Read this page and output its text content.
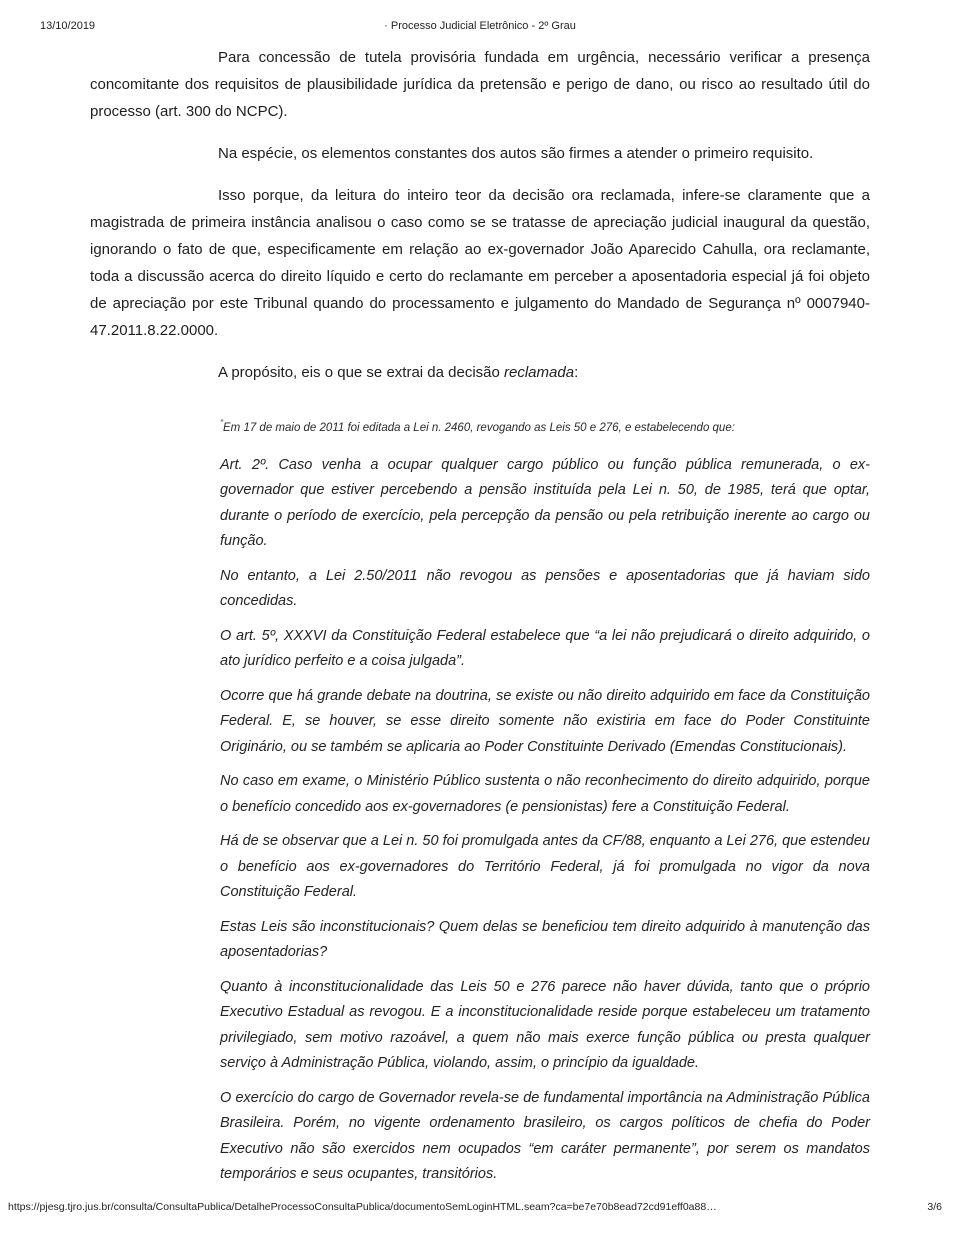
13/10/2019	· Processo Judicial Eletrônico - 2º Grau

Para concessão de tutela provisória fundada em urgência, necessário verificar a presença concomitante dos requisitos de plausibilidade jurídica da pretensão e perigo de dano, ou risco ao resultado útil do processo (art. 300 do NCPC).

Na espécie, os elementos constantes dos autos são firmes a atender o primeiro requisito.

Isso porque, da leitura do inteiro teor da decisão ora reclamada, infere-se claramente que a magistrada de primeira instância analisou o caso como se se tratasse de apreciação judicial inaugural da questão, ignorando o fato de que, especificamente em relação ao ex-governador João Aparecido Cahulla, ora reclamante, toda a discussão acerca do direito líquido e certo do reclamante em perceber a aposentadoria especial já foi objeto de apreciação por este Tribunal quando do processamento e julgamento do Mandado de Segurança nº 0007940-47.2011.8.22.0000.

A propósito, eis o que se extrai da decisão reclamada:

”Em 17 de maio de 2011 foi editada a Lei n. 2460, revogando as Leis 50 e 276, e estabelecendo que:

Art. 2º. Caso venha a ocupar qualquer cargo público ou função pública remunerada, o ex-governador que estiver percebendo a pensão instituída pela Lei n. 50, de 1985, terá que optar, durante o período de exercício, pela percepção da pensão ou pela retribuição inerente ao cargo ou função.

No entanto, a Lei 2.50/2011 não revogou as pensões e aposentadorias que já haviam sido concedidas.

O art. 5º, XXXVI da Constituição Federal estabelece que “a lei não prejudicará o direito adquirido, o ato jurídico perfeito e a coisa julgada”.

Ocorre que há grande debate na doutrina, se existe ou não direito adquirido em face da Constituição Federal. E, se houver, se esse direito somente não existiria em face do Poder Constituinte Originário, ou se também se aplicaria ao Poder Constituinte Derivado (Emendas Constitucionais).

No caso em exame, o Ministério Público sustenta o não reconhecimento do direito adquirido, porque o benefício concedido aos ex-governadores (e pensionistas) fere a Constituição Federal.

Há de se observar que a Lei n. 50 foi promulgada antes da CF/88, enquanto a Lei 276, que estendeu o benefício aos ex-governadores do Território Federal, já foi promulgada no vigor da nova Constituição Federal.

Estas Leis são inconstitucionais? Quem delas se beneficiou tem direito adquirido à manutenção das aposentadorias?

Quanto à inconstitucionalidade das Leis 50 e 276 parece não haver dúvida, tanto que o próprio Executivo Estadual as revogou. E a inconstitucionalidade reside porque estabeleceu um tratamento privilegiado, sem motivo razoável, a quem não mais exerce função pública ou presta qualquer serviço à Administração Pública, violando, assim, o princípio da igualdade.

O exercício do cargo de Governador revela-se de fundamental importância na Administração Pública Brasileira. Porém, no vigente ordenamento brasileiro, os cargos políticos de chefia do Poder Executivo não são exercidos nem ocupados “em caráter permanente”, por serem os mandatos temporários e seus ocupantes, transitórios.

https://pjesg.tjro.jus.br/consulta/ConsultaPublica/DetalheProcessoConsultaPublica/documentoSemLoginHTML.seam?ca=be7e70b8ead72cd91eff0a88…	3/6
